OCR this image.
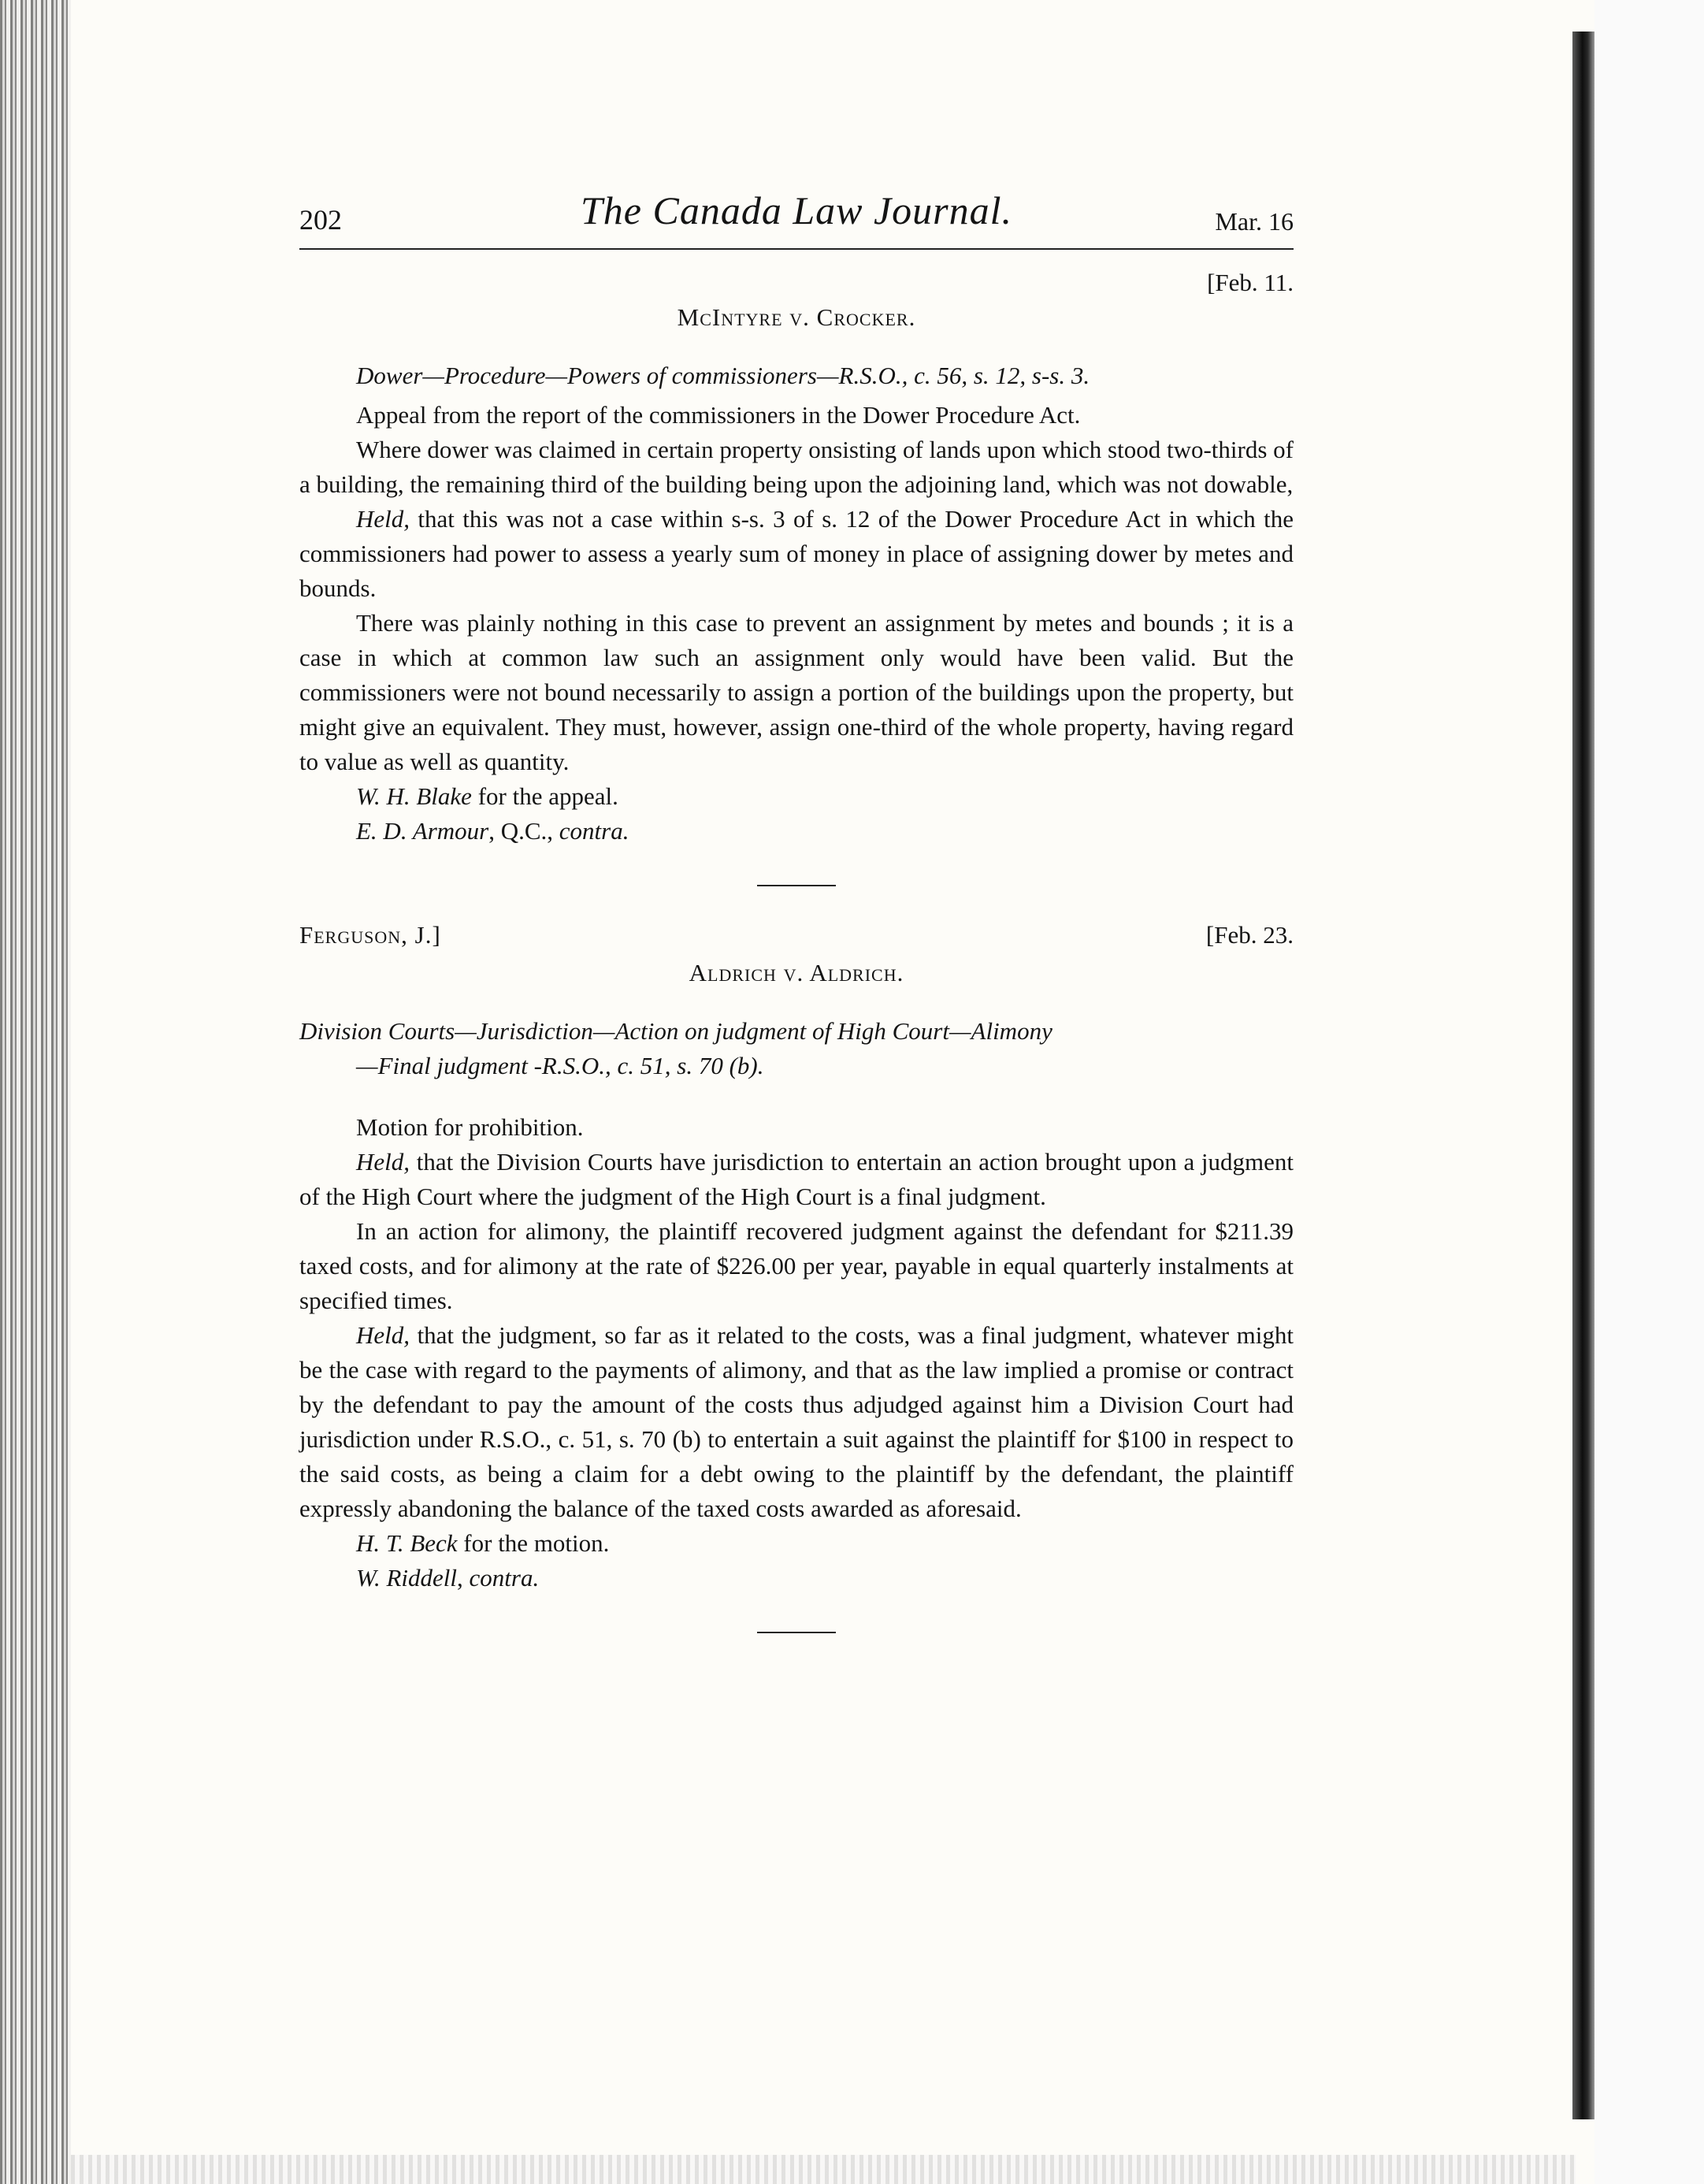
202	The Canada Law Journal.	Mar. 16
[Feb. 11.
McIntyre v. Crocker.

Dower—Procedure—Powers of commissioners—R.S.O., c. 56, s. 12, s-s. 3.

Appeal from the report of the commissioners in the Dower Procedure Act.

Where dower was claimed in certain property onsisting of lands upon which stood two-thirds of a building, the remaining third of the building being upon the adjoining land, which was not dowable,

Held, that this was not a case within s-s. 3 of s. 12 of the Dower Procedure Act in which the commissioners had power to assess a yearly sum of money in place of assigning dower by metes and bounds.

There was plainly nothing in this case to prevent an assignment by metes and bounds ; it is a case in which at common law such an assignment only would have been valid. But the commissioners were not bound necessarily to assign a portion of the buildings upon the property, but might give an equivalent. They must, however, assign one-third of the whole property, having regard to value as well as quantity.

W. H. Blake for the appeal.

E. D. Armour, Q.C., contra.

Ferguson, J.]	[Feb. 23.
Aldrich v. Aldrich.

Division Courts—Jurisdiction—Action on judgment of High Court—Alimony

—Final judgment -R.S.O., c. 51, s. 70 (b).

Motion for prohibition.

Held, that the Division Courts have jurisdiction to entertain an action brought upon a judgment of the High Court where the judgment of the High Court is a final judgment.

In an action for alimony, the plaintiff recovered judgment against the defendant for $211.39 taxed costs, and for alimony at the rate of $226.00 per year, payable in equal quarterly instalments at specified times.

Held, that the judgment, so far as it related to the costs, was a final judgment, whatever might be the case with regard to the payments of alimony, and that as the law implied a promise or contract by the defendant to pay the amount of the costs thus adjudged against him a Division Court had jurisdiction under R.S.O., c. 51, s. 70 (b) to entertain a suit against the plaintiff for $100 in respect to the said costs, as being a claim for a debt owing to the plaintiff by the defendant, the plaintiff expressly abandoning the balance of the taxed costs awarded as aforesaid.

H. T. Beck for the motion.

W. Riddell, contra.
